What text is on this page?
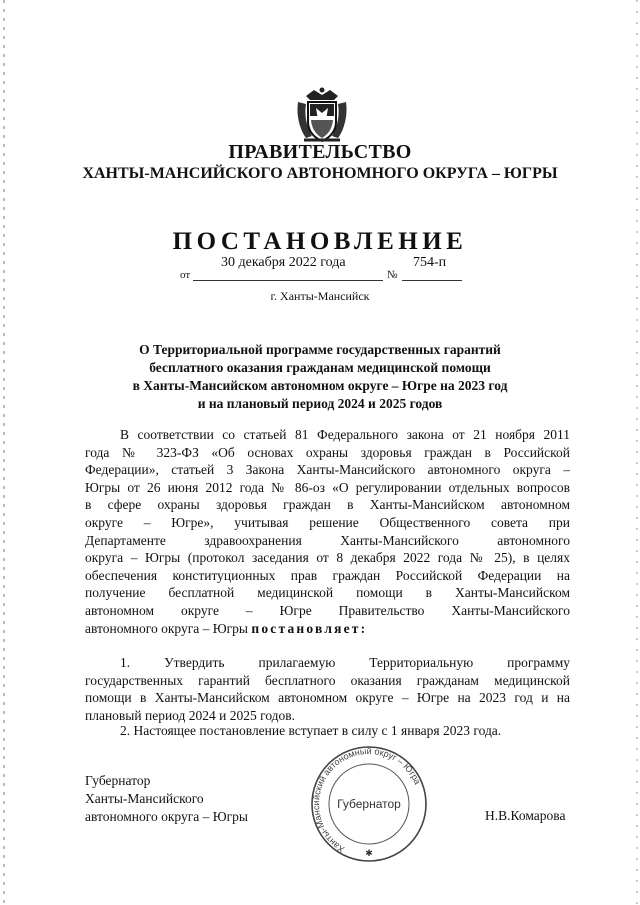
ПРАВИТЕЛЬСТВО
ХАНТЫ-МАНСИЙСКОГО АВТОНОМНОГО ОКРУГА – ЮГРЫ
ПОСТАНОВЛЕНИЕ
от
30 декабря 2022 года
№
754-п
г. Ханты-Мансийск
О Территориальной программе государственных гарантий
бесплатного оказания гражданам медицинской помощи
в Ханты-Мансийском автономном округе – Югре на 2023 год
и на плановый период 2024 и 2025 годов
В соответствии со статьей 81 Федерального закона от 21 ноября 2011
года № 323-ФЗ «Об основах охраны здоровья граждан в Российской
Федерации», статьей 3 Закона Ханты-Мансийского автономного округа –
Югры от 26 июня 2012 года № 86-оз «О регулировании отдельных вопросов
в сфере охраны здоровья граждан в Ханты-Мансийском автономном
округе – Югре», учитывая решение Общественного совета при
Департаменте здравоохранения Ханты-Мансийского автономного
округа – Югры (протокол заседания от 8 декабря 2022 года № 25), в целях
обеспечения конституционных прав граждан Российской Федерации на
получение бесплатной медицинской помощи в Ханты-Мансийском
автономном округе – Югре Правительство Ханты-Мансийского
автономного округа – Югры постановляет:
1. Утвердить прилагаемую Территориальную программу
государственных гарантий бесплатного оказания гражданам медицинской
помощи в Ханты-Мансийском автономном округе – Югре на 2023 год и на
плановый период 2024 и 2025 годов.
2. Настоящее постановление вступает в силу с 1 января 2023 года.
Губернатор
Ханты-Мансийского
автономного округа – Югры
Ханты-Мансийский автономный округ – Югра
Губернатор
✱
Н.В.Комарова
